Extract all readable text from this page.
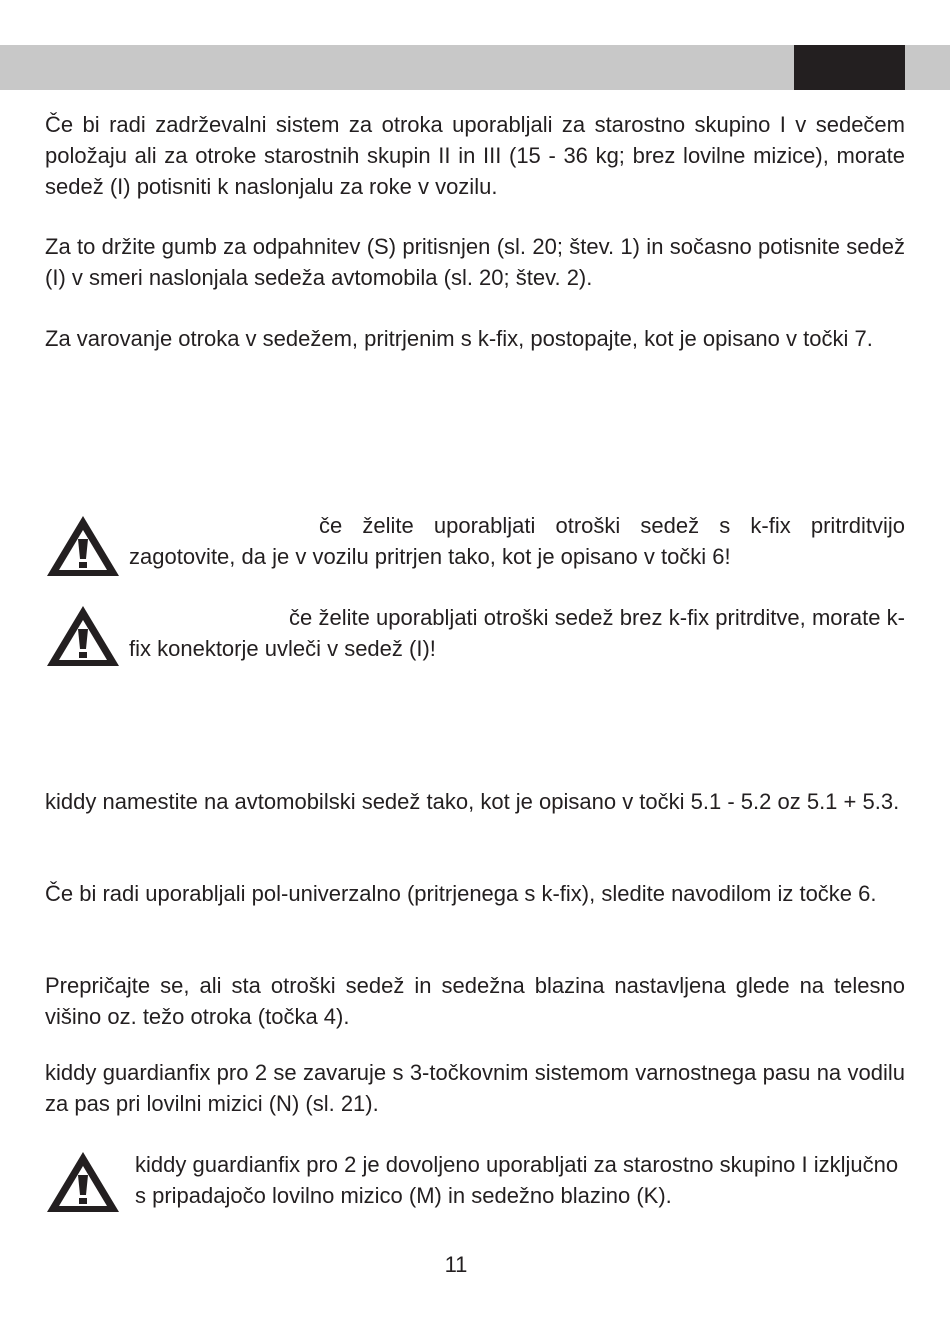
Če bi radi zadrževalni sistem za otroka uporabljali za starostno skupino I v sedečem položaju ali za otroke starostnih skupin II in III (15 - 36 kg; brez lovilne mizice), morate sedež (I) potisniti k naslonjalu za roke v vozilu.

Za to držite gumb za odpahnitev (S) pritisnjen (sl. 20; štev. 1) in sočasno potisnite sedež (I) v smeri naslonjala sedeža avtomobila (sl. 20; štev. 2).

Za varovanje otroka v sedežem, pritrjenim s k-fix, postopajte, kot je opisano v točki 7.

če želite uporabljati otroški sedež s k-fix pritrditvijo zagotovite, da je v vozilu pritrjen tako, kot je opisano v točki 6!

če želite uporabljati otroški sedež brez k-fix pritrditve, morate k-fix konektorje uvleči v sedež (I)!

kiddy namestite na avtomobilski sedež tako, kot je opisano v točki 5.1 - 5.2 oz 5.1 + 5.3.

Če bi radi uporabljali pol-univerzalno (pritrjenega s k-fix), sledite navodilom iz točke 6.

Prepričajte se, ali sta otroški sedež in sedežna blazina nastavljena glede na telesno višino oz. težo otroka (točka 4).

kiddy guardianfix pro 2 se zavaruje s 3-točkovnim sistemom varnostnega pasu na vodilu za pas pri lovilni mizici (N) (sl. 21).

kiddy guardianfix pro 2 je dovoljeno uporabljati za starostno skupino I izključno s pripadajočo lovilno mizico (M) in sedežno blazino (K).

11
